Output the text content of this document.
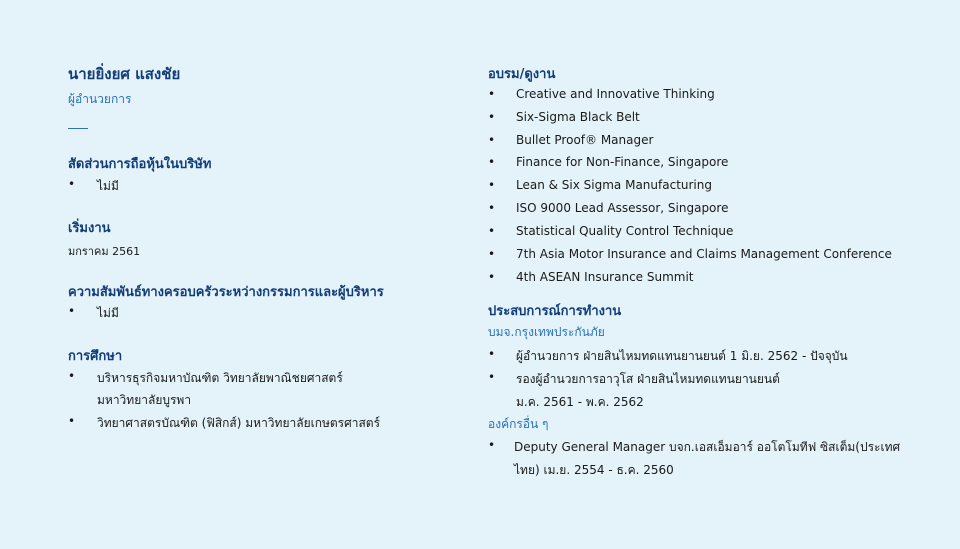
นายยิ่งยศ แสงชัย
ผู้อำนวยการ
สัดส่วนการถือหุ้นในบริษัท
• ไม่มี
เริ่มงาน
มกราคม 2561
ความสัมพันธ์ทางครอบครัวระหว่างกรรมการและผู้บริหาร
• ไม่มี
การศึกษา
• บริหารธุรกิจมหาบัณฑิต วิทยาลัยพาณิชยศาสตร์
มหาวิทยาลัยบูรพา
• วิทยาศาสตรบัณฑิต (ฟิสิกส์) มหาวิทยาลัยเกษตรศาสตร์
อบรม/ดูงาน
• Creative and Innovative Thinking
• Six-Sigma Black Belt
• Bullet Proof® Manager
• Finance for Non-Finance, Singapore
• Lean & Six Sigma Manufacturing
• ISO 9000 Lead Assessor, Singapore
• Statistical Quality Control Technique
• 7th Asia Motor Insurance and Claims Management Conference
• 4th ASEAN Insurance Summit
ประสบการณ์การทำงาน
บมจ.กรุงเทพประกันภัย
• ผู้อำนวยการ ฝ่ายสินไหมทดแทนยานยนต์ 1 มิ.ย. 2562 - ปัจจุบัน
• รองผู้อำนวยการอาวุโส ฝ่ายสินไหมทดแทนยานยนต์
ม.ค. 2561 - พ.ค. 2562
องค์กรอื่น ๆ
• Deputy General Manager บจก.เอสเอ็มอาร์ ออโตโมทีฟ ซิสเต็ม(ประเทศ
ไทย) เม.ย. 2554 - ธ.ค. 2560
